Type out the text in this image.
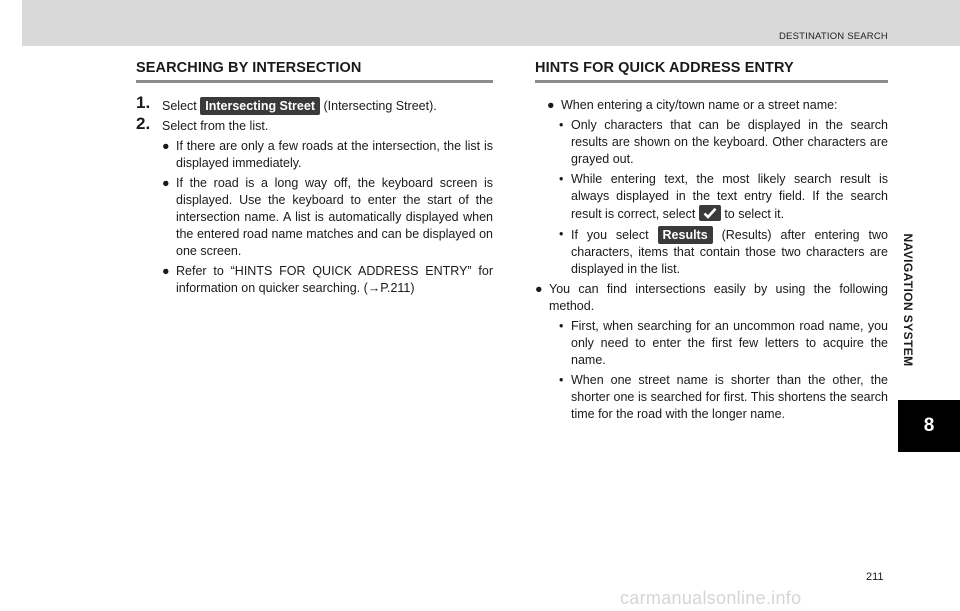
DESTINATION SEARCH
NAVIGATION SYSTEM
8
SEARCHING BY INTERSECTION
1. Select Intersecting Street (Intersecting Street).
2. Select from the list.
● If there are only a few roads at the intersection, the list is displayed immediately.
● If the road is a long way off, the keyboard screen is displayed. Use the keyboard to enter the start of the intersection name. A list is automatically displayed when the entered road name matches and can be displayed on one screen.
● Refer to “HINTS FOR QUICK ADDRESS ENTRY” for information on quicker searching. (→P.211)
HINTS FOR QUICK ADDRESS ENTRY
● When entering a city/town name or a street name:
• Only characters that can be displayed in the search results are shown on the keyboard. Other characters are grayed out.
• While entering text, the most likely search result is always displayed in the text entry field. If the search result is correct, select to select it.
• If you select Results (Results) after entering two characters, items that contain those two characters are displayed in the list.
● You can find intersections easily by using the following method.
• First, when searching for an uncommon road name, you only need to enter the first few letters to acquire the name.
• When one street name is shorter than the other, the shorter one is searched for first. This shortens the search time for the road with the longer name.
211
carmanualsonline.info
